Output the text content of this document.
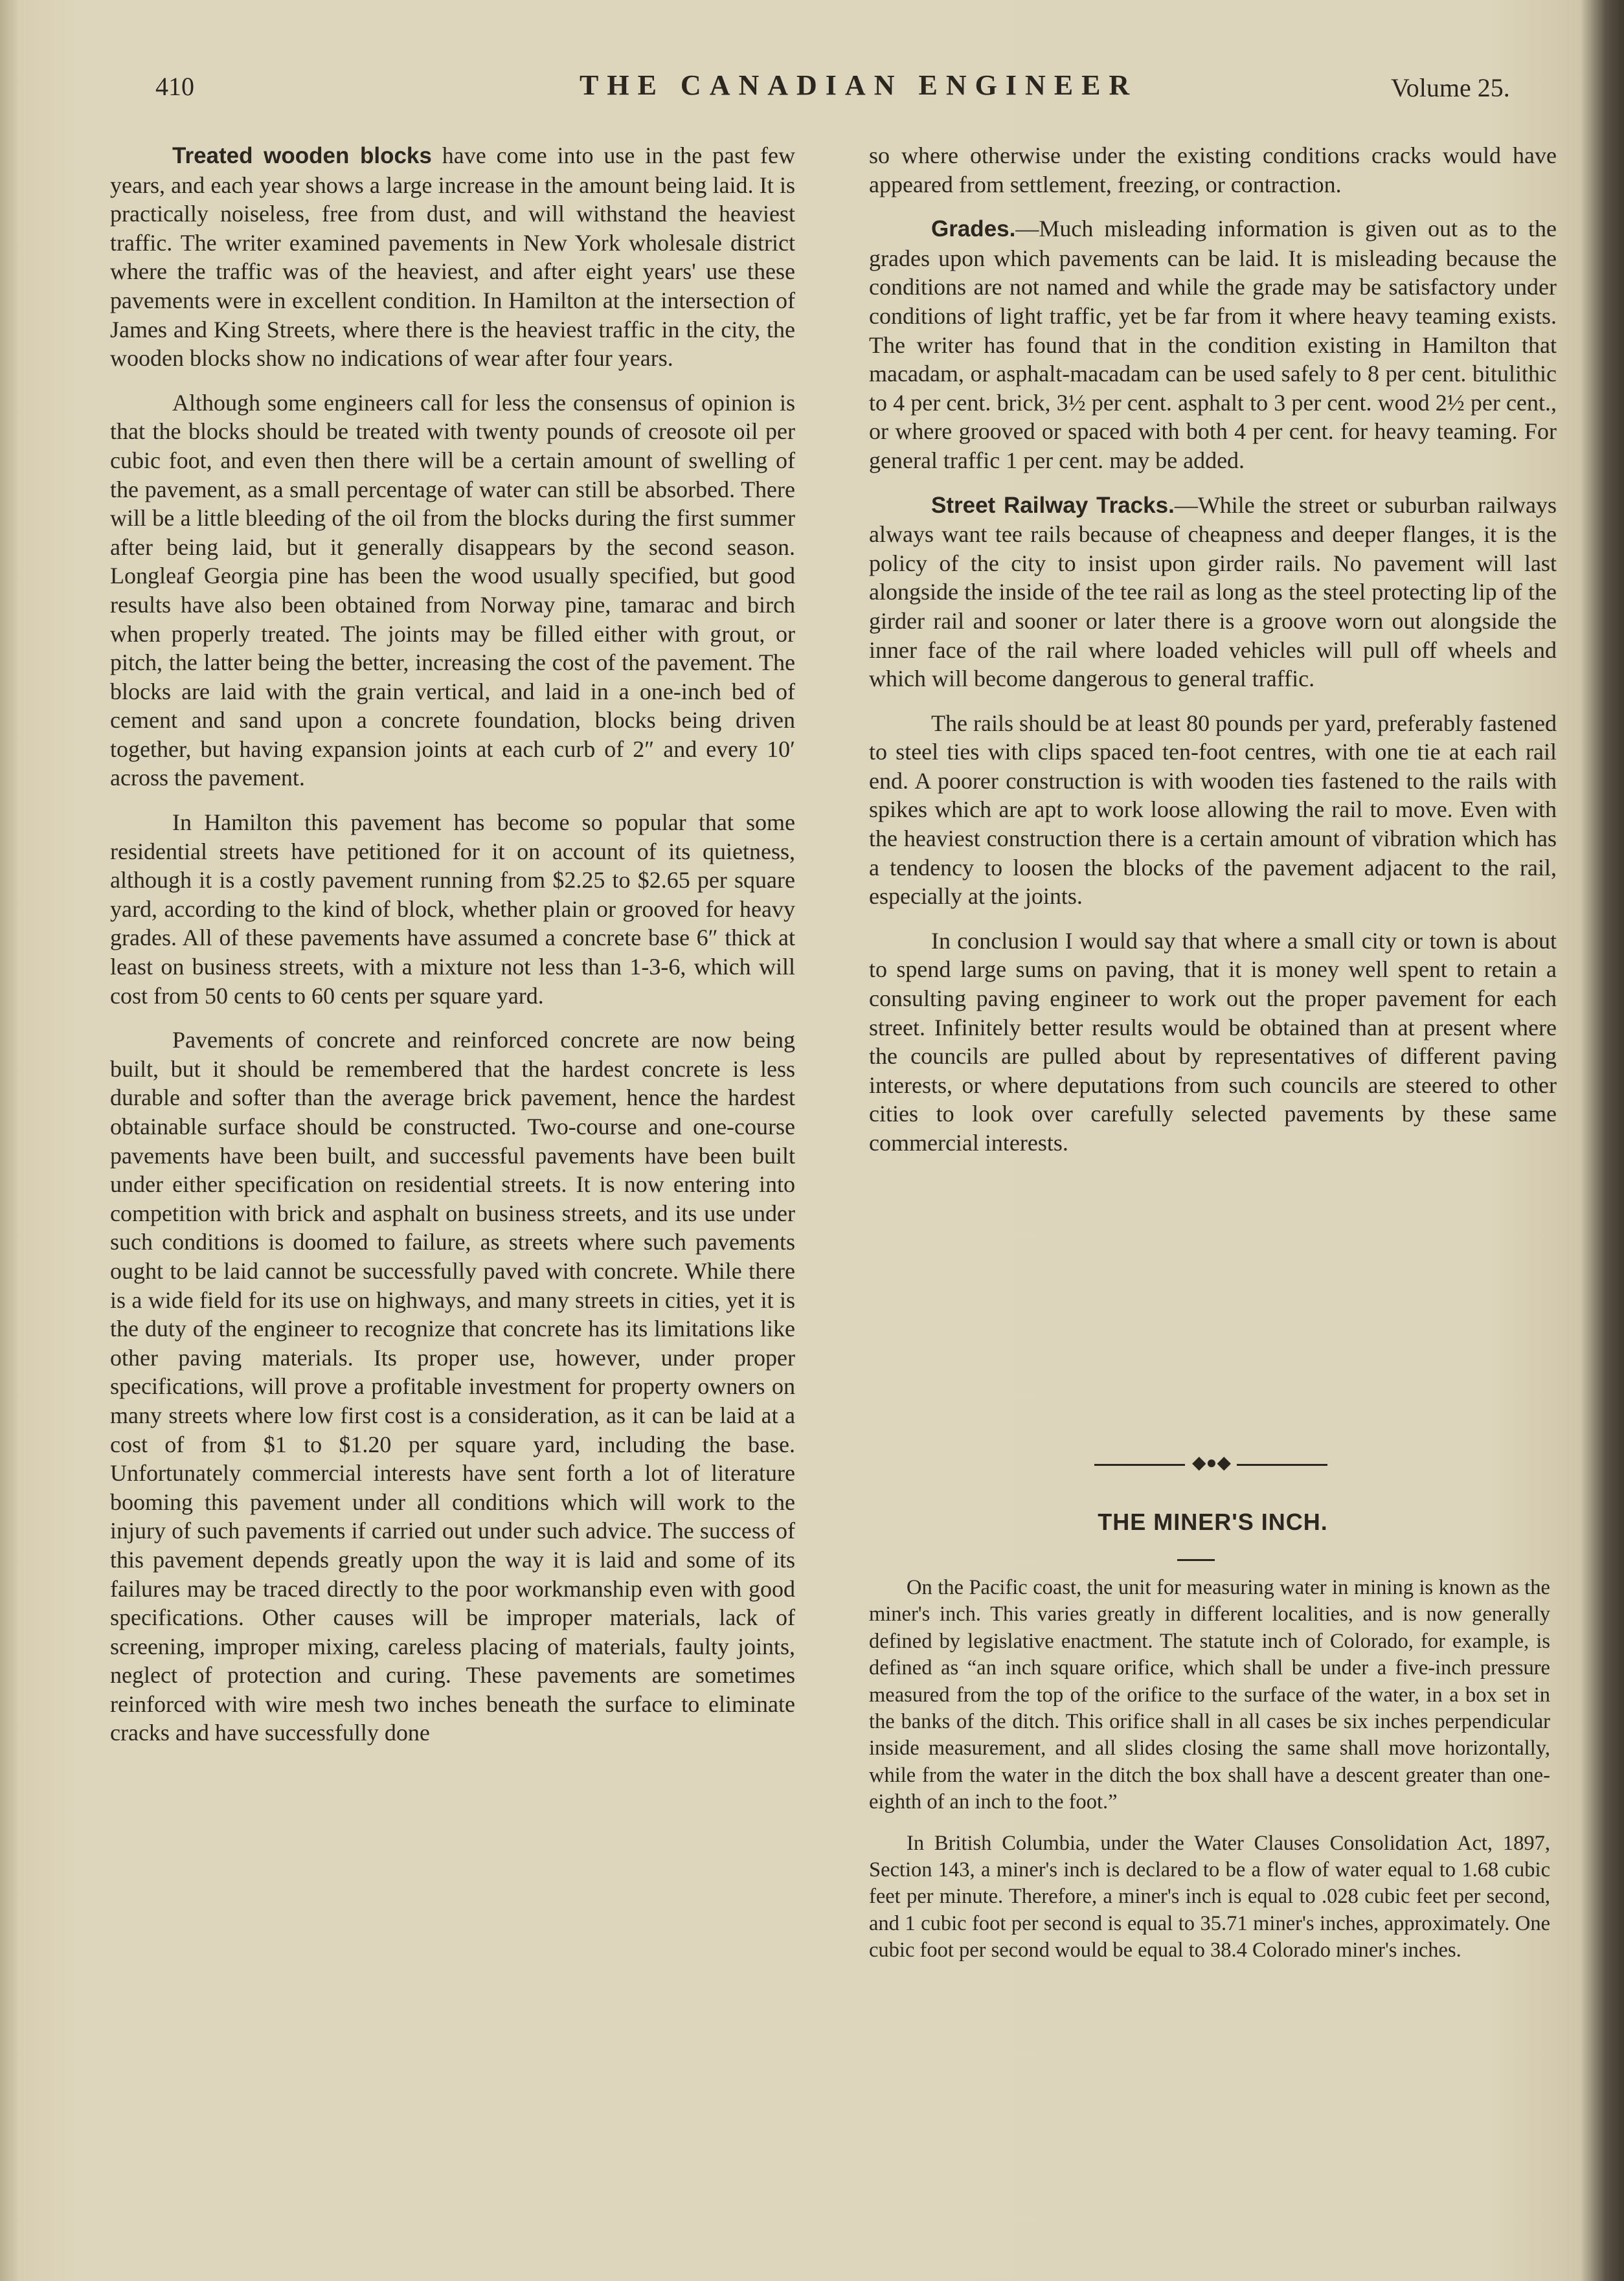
410	THE CANADIAN ENGINEER	Volume 25.

Treated wooden blocks have come into use in the past few years, and each year shows a large increase in the amount being laid. It is practically noiseless, free from dust, and will withstand the heaviest traffic. The writer examined pavements in New York wholesale district where the traffic was of the heaviest, and after eight years' use these pavements were in excellent condition. In Hamilton at the intersection of James and King Streets, where there is the heaviest traffic in the city, the wooden blocks show no indications of wear after four years.

Although some engineers call for less the consensus of opinion is that the blocks should be treated with twenty pounds of creosote oil per cubic foot, and even then there will be a certain amount of swelling of the pavement, as a small percentage of water can still be absorbed. There will be a little bleeding of the oil from the blocks during the first summer after being laid, but it generally disappears by the second season. Longleaf Georgia pine has been the wood usually specified, but good results have also been obtained from Norway pine, tamarac and birch when properly treated. The joints may be filled either with grout, or pitch, the latter being the better, increasing the cost of the pavement. The blocks are laid with the grain vertical, and laid in a one-inch bed of cement and sand upon a concrete foundation, blocks being driven together, but having expansion joints at each curb of 2″ and every 10′ across the pavement.

In Hamilton this pavement has become so popular that some residential streets have petitioned for it on account of its quietness, although it is a costly pavement running from $2.25 to $2.65 per square yard, according to the kind of block, whether plain or grooved for heavy grades. All of these pavements have assumed a concrete base 6″ thick at least on business streets, with a mixture not less than 1-3-6, which will cost from 50 cents to 60 cents per square yard.

Pavements of concrete and reinforced concrete are now being built, but it should be remembered that the hardest concrete is less durable and softer than the average brick pavement, hence the hardest obtainable surface should be constructed. Two-course and one-course pavements have been built, and successful pavements have been built under either specification on residential streets. It is now entering into competition with brick and asphalt on business streets, and its use under such conditions is doomed to failure, as streets where such pavements ought to be laid cannot be successfully paved with concrete. While there is a wide field for its use on highways, and many streets in cities, yet it is the duty of the engineer to recognize that concrete has its limitations like other paving materials. Its proper use, however, under proper specifications, will prove a profitable investment for property owners on many streets where low first cost is a consideration, as it can be laid at a cost of from $1 to $1.20 per square yard, including the base. Unfortunately commercial interests have sent forth a lot of literature booming this pavement under all conditions which will work to the injury of such pavements if carried out under such advice. The success of this pavement depends greatly upon the way it is laid and some of its failures may be traced directly to the poor workmanship even with good specifications. Other causes will be improper materials, lack of screening, improper mixing, careless placing of materials, faulty joints, neglect of protection and curing. These pavements are sometimes reinforced with wire mesh two inches beneath the surface to eliminate cracks and have successfully done

so where otherwise under the existing conditions cracks would have appeared from settlement, freezing, or contraction.

Grades.—Much misleading information is given out as to the grades upon which pavements can be laid. It is misleading because the conditions are not named and while the grade may be satisfactory under conditions of light traffic, yet be far from it where heavy teaming exists. The writer has found that in the condition existing in Hamilton that macadam, or asphalt-macadam can be used safely to 8 per cent. bitulithic to 4 per cent. brick, 3½ per cent. asphalt to 3 per cent. wood 2½ per cent., or where grooved or spaced with both 4 per cent. for heavy teaming. For general traffic 1 per cent. may be added.

Street Railway Tracks.—While the street or suburban railways always want tee rails because of cheapness and deeper flanges, it is the policy of the city to insist upon girder rails. No pavement will last alongside the inside of the tee rail as long as the steel protecting lip of the girder rail and sooner or later there is a groove worn out alongside the inner face of the rail where loaded vehicles will pull off wheels and which will become dangerous to general traffic.

The rails should be at least 80 pounds per yard, preferably fastened to steel ties with clips spaced ten-foot centres, with one tie at each rail end. A poorer construction is with wooden ties fastened to the rails with spikes which are apt to work loose allowing the rail to move. Even with the heaviest construction there is a certain amount of vibration which has a tendency to loosen the blocks of the pavement adjacent to the rail, especially at the joints.

In conclusion I would say that where a small city or town is about to spend large sums on paving, that it is money well spent to retain a consulting paving engineer to work out the proper pavement for each street. Infinitely better results would be obtained than at present where the councils are pulled about by representatives of different paving interests, or where deputations from such councils are steered to other cities to look over carefully selected pavements by these same commercial interests.

◆●◆
THE MINER'S INCH.

On the Pacific coast, the unit for measuring water in mining is known as the miner's inch. This varies greatly in different localities, and is now generally defined by legislative enactment. The statute inch of Colorado, for example, is defined as “an inch square orifice, which shall be under a five-inch pressure measured from the top of the orifice to the surface of the water, in a box set in the banks of the ditch. This orifice shall in all cases be six inches perpendicular inside measurement, and all slides closing the same shall move horizontally, while from the water in the ditch the box shall have a descent greater than one-eighth of an inch to the foot.”

In British Columbia, under the Water Clauses Consolidation Act, 1897, Section 143, a miner's inch is declared to be a flow of water equal to 1.68 cubic feet per minute. Therefore, a miner's inch is equal to .028 cubic feet per second, and 1 cubic foot per second is equal to 35.71 miner's inches, approximately. One cubic foot per second would be equal to 38.4 Colorado miner's inches.
